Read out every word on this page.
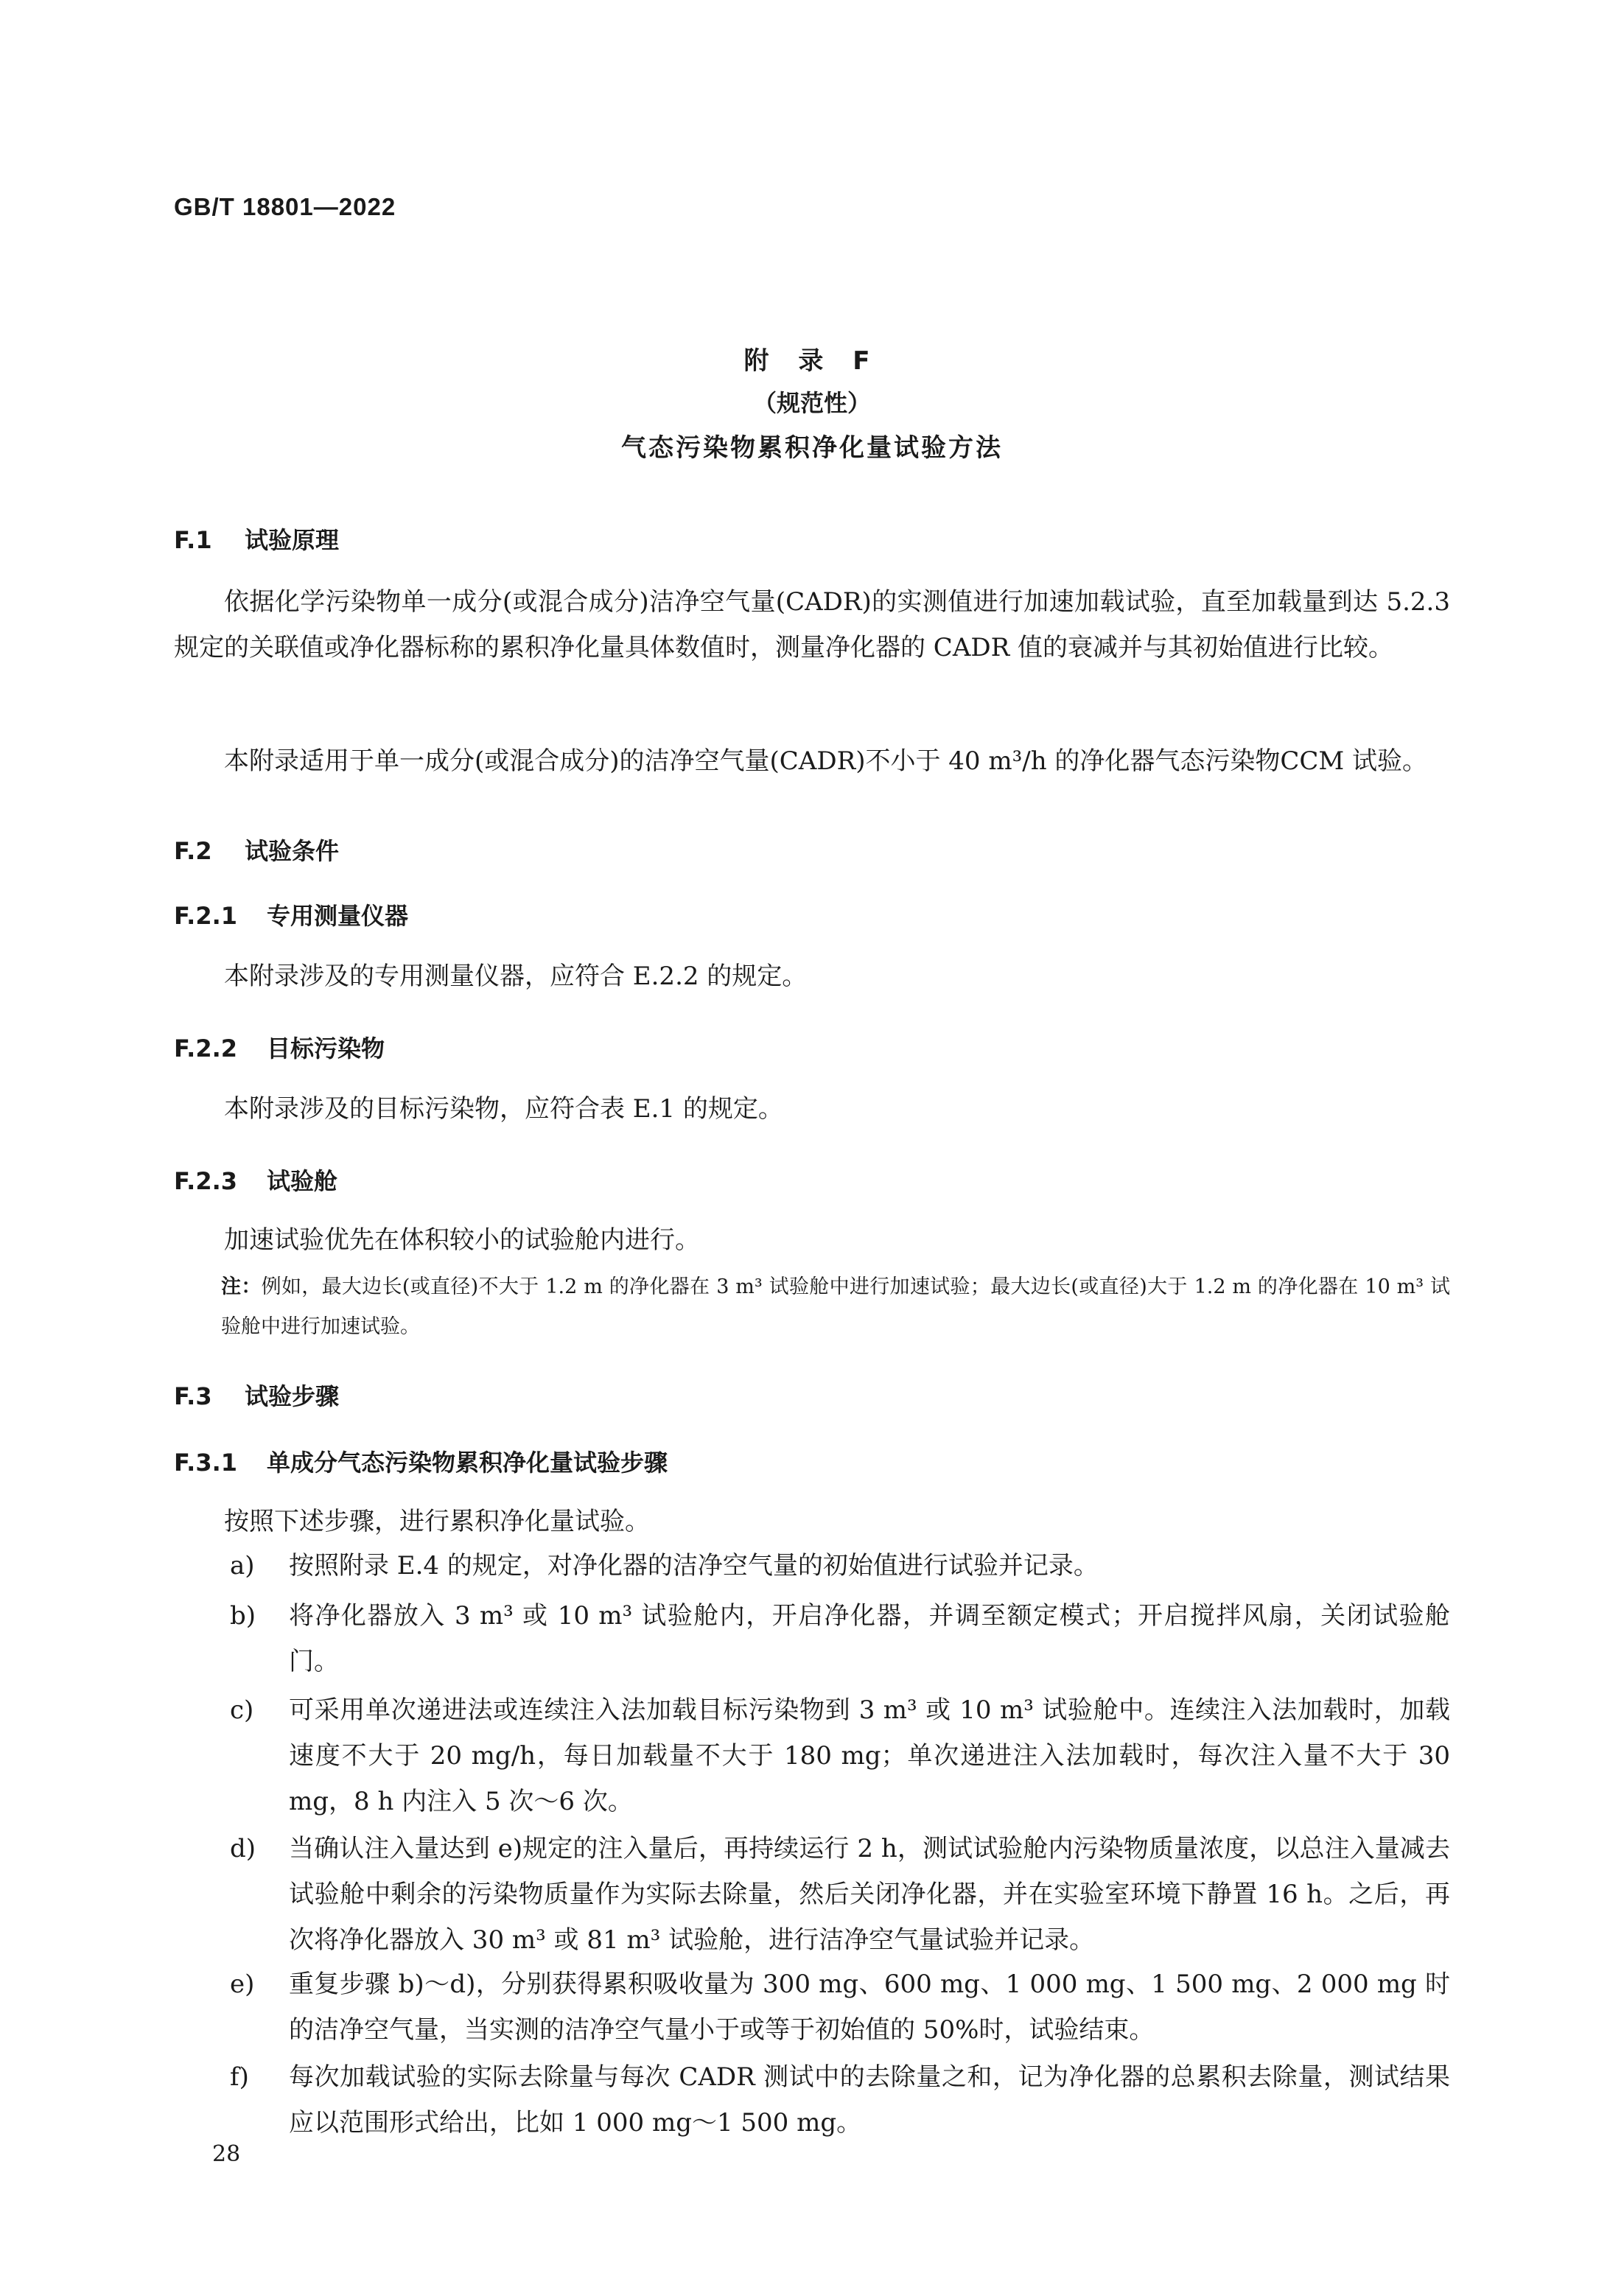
GB/T 18801—2022
附 录 F
（规范性）
气态污染物累积净化量试验方法
F.1 试验原理
依据化学污染物单一成分(或混合成分)洁净空气量(CADR)的实测值进行加速加载试验，直至加载量到达 5.2.3 规定的关联值或净化器标称的累积净化量具体数值时，测量净化器的 CADR 值的衰减并与其初始值进行比较。
本附录适用于单一成分(或混合成分)的洁净空气量(CADR)不小于 40 m³/h 的净化器气态污染物CCM 试验。
F.2 试验条件
F.2.1 专用测量仪器
本附录涉及的专用测量仪器，应符合 E.2.2 的规定。
F.2.2 目标污染物
本附录涉及的目标污染物，应符合表 E.1 的规定。
F.2.3 试验舱
加速试验优先在体积较小的试验舱内进行。
注：例如，最大边长(或直径)不大于 1.2 m 的净化器在 3 m³ 试验舱中进行加速试验；最大边长(或直径)大于 1.2 m 的净化器在 10 m³ 试验舱中进行加速试验。
F.3 试验步骤
F.3.1 单成分气态污染物累积净化量试验步骤
按照下述步骤，进行累积净化量试验。
a) 按照附录 E.4 的规定，对净化器的洁净空气量的初始值进行试验并记录。
b) 将净化器放入 3 m³ 或 10 m³ 试验舱内，开启净化器，并调至额定模式；开启搅拌风扇，关闭试验舱门。
c) 可采用单次递进法或连续注入法加载目标污染物到 3 m³ 或 10 m³ 试验舱中。连续注入法加载时，加载速度不大于 20 mg/h，每日加载量不大于 180 mg；单次递进注入法加载时，每次注入量不大于 30 mg，8 h 内注入 5 次～6 次。
d) 当确认注入量达到 e)规定的注入量后，再持续运行 2 h，测试试验舱内污染物质量浓度，以总注入量减去试验舱中剩余的污染物质量作为实际去除量，然后关闭净化器，并在实验室环境下静置 16 h。之后，再次将净化器放入 30 m³ 或 81 m³ 试验舱，进行洁净空气量试验并记录。
e) 重复步骤 b)～d)，分别获得累积吸收量为 300 mg、600 mg、1 000 mg、1 500 mg、2 000 mg 时的洁净空气量，当实测的洁净空气量小于或等于初始值的 50%时，试验结束。
f) 每次加载试验的实际去除量与每次 CADR 测试中的去除量之和，记为净化器的总累积去除量，测试结果应以范围形式给出，比如 1 000 mg～1 500 mg。
28
